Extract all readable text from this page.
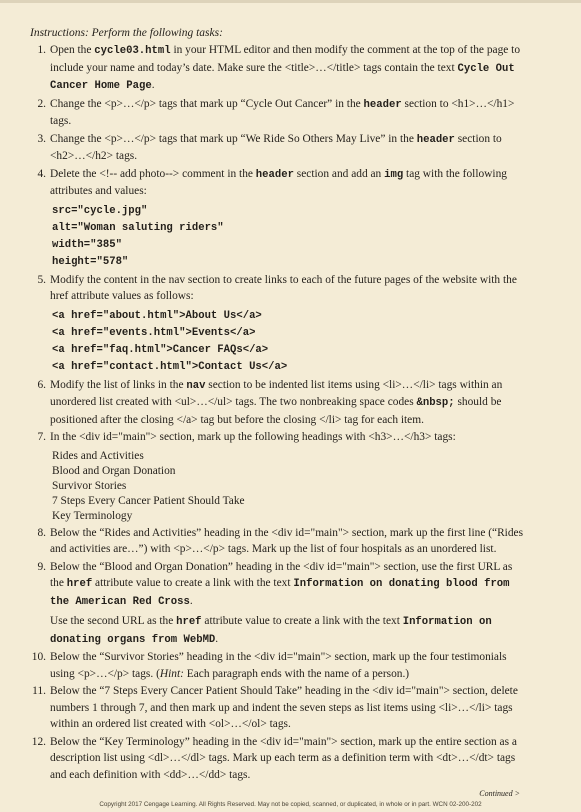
Instructions: Perform the following tasks:
1. Open the cycle03.html in your HTML editor and then modify the comment at the top of the page to include your name and today’s date. Make sure the <title>…</title> tags contain the text Cycle Out Cancer Home Page.
2. Change the <p>…</p> tags that mark up “Cycle Out Cancer” in the header section to <h1>…</h1> tags.
3. Change the <p>…</p> tags that mark up “We Ride So Others May Live” in the header section to <h2>…</h2> tags.
4. Delete the <!-- add photo--> comment in the header section and add an img tag with the following attributes and values:
src="cycle.jpg"
alt="Woman saluting riders"
width="385"
height="578"
5. Modify the content in the nav section to create links to each of the future pages of the website with the href attribute values as follows:
<a href="about.html">About Us</a>
<a href="events.html">Events</a>
<a href="faq.html">Cancer FAQs</a>
<a href="contact.html">Contact Us</a>
6. Modify the list of links in the nav section to be indented list items using <li>…</li> tags within an unordered list created with <ul>…</ul> tags. The two nonbreaking space codes &nbsp; should be positioned after the closing </a> tag but before the closing </li> tag for each item.
7. In the <div id="main"> section, mark up the following headings with <h3>…</h3> tags:
Rides and Activities
Blood and Organ Donation
Survivor Stories
7 Steps Every Cancer Patient Should Take
Key Terminology
8. Below the “Rides and Activities” heading in the <div id="main"> section, mark up the first line (“Rides and activities are…”) with <p>…</p> tags. Mark up the list of four hospitals as an unordered list.
9. Below the “Blood and Organ Donation” heading in the <div id="main"> section, use the first URL as the href attribute value to create a link with the text Information on donating blood from the American Red Cross.
Use the second URL as the href attribute value to create a link with the text Information on donating organs from WebMD.
10. Below the “Survivor Stories” heading in the <div id="main"> section, mark up the four testimonials using <p>…</p> tags. (Hint: Each paragraph ends with the name of a person.)
11. Below the “7 Steps Every Cancer Patient Should Take” heading in the <div id="main"> section, delete numbers 1 through 7, and then mark up and indent the seven steps as list items using <li>…</li> tags within an ordered list created with <ol>…</ol> tags.
12. Below the “Key Terminology” heading in the <div id="main"> section, mark up the entire section as a description list using <dl>…</dl> tags. Mark up each term as a definition term with <dt>…</dt> tags and each definition with <dd>…</dd> tags.
Continued >
Copyright 2017 Cengage Learning. All Rights Reserved. May not be copied, scanned, or duplicated, in whole or in part. WCN 02-200-202
